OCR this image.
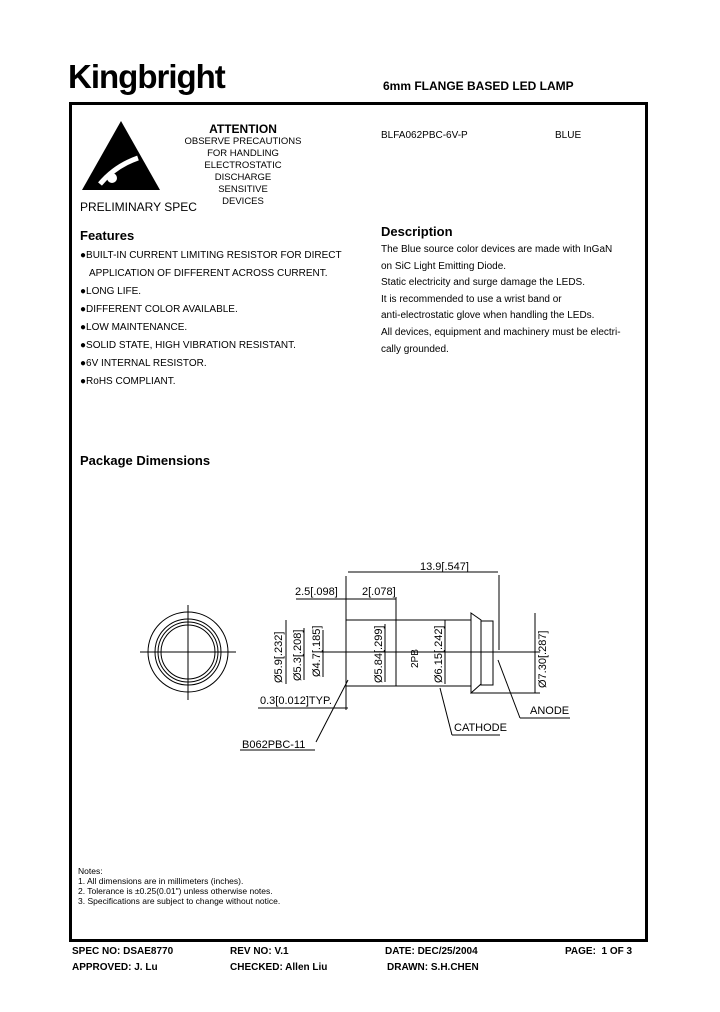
Kingbright	6mm FLANGE BASED LED LAMP
ATTENTION
OBSERVE PRECAUTIONS
FOR HANDLING
ELECTROSTATIC
DISCHARGE
SENSITIVE
DEVICES
BLFA062PBC-6V-P	BLUE
PRELIMINARY SPEC
Features
●BUILT-IN CURRENT LIMITING RESISTOR FOR DIRECT
APPLICATION OF DIFFERENT ACROSS CURRENT.
●LONG LIFE.
●DIFFERENT COLOR AVAILABLE.
●LOW MAINTENANCE.
●SOLID STATE, HIGH VIBRATION RESISTANT.
●6V INTERNAL RESISTOR.
●RoHS COMPLIANT.
Description
The Blue source color devices are made with InGaN
on SiC Light Emitting Diode.
Static electricity and surge damage the LEDS.
It is recommended to use a wrist band or
anti-electrostatic glove when handling the LEDs.
All devices, equipment and machinery must be electri-
cally grounded.
Package Dimensions
13.9[.547]
2.5[.098] 2[.078]
0.3[0.012]TYP.
ANODE
CATHODE
Ø5.9[.232] Ø5.3[.208] Ø4.7[.185]	Ø5.84[.299]	Ø6.15[.242]	Ø7.30[.287]
2PB
B062PBC-11
Notes:
1. All dimensions are in millimeters (inches).
2. Tolerance is ±0.25(0.01") unless otherwise notes.
3. Specifications are subject to change without notice.
SPEC NO: DSAE8770	REV NO: V.1	DATE: DEC/25/2004	PAGE:  1 OF 3
APPROVED: J. Lu	CHECKED: Allen Liu	DRAWN: S.H.CHEN
